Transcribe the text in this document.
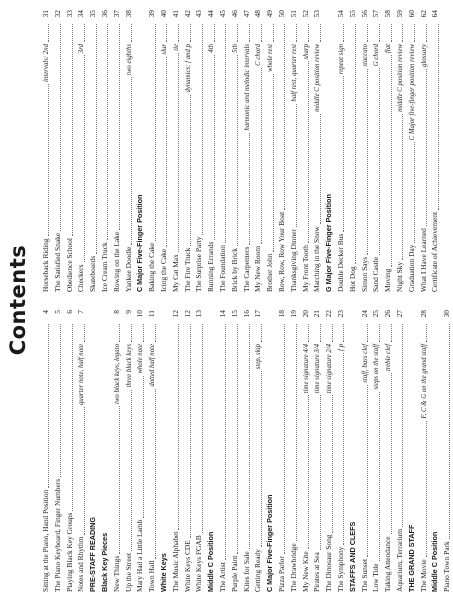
Contents
Sitting at the Piano, Hand Position
4
The Piano Keyboard, Finger Numbers
5
Playing Black Key Groups
6
Notes and Rhythm
quarter note, half note
7
PRE-STAFF READING Black Key Pieces New Things
two black keys, legato
8
Up the Street
three black keys
9
Mary Had a Little Lamb
whole note
10
Town Hall
dotted half note
11
White Keys The Music Alphabet
12
White Keys CDE
12
White Keys FGAB
13
Middle C Position The Artist
14
Purple Paint
15
Kites for Sale
16
Getting Ready
step, skip
17
C Major Five-Finger Position Pizza Parlor
18
The Drawbridge
19
My New Kite
time signature 4/4
20
Pirates at Sea
time signature 3/4
21
The Dinosaur Song
time signature 2/4
22
The Symphony
f p
23
STAFFS AND CLEFS The Sunset
staff, bass clef
24
Low Tide
steps on the staff
25
Taking Attendance
treble clef
26
Aquarium, Terrarium
27
THE GRAND STAFF The Movie
F, C & G on the grand staff
28
Middle C Position Piano Town Park
30
Horseback Riding
intervals: 2nd
31
The Satisfied Snake
32
Obedience School
33
Checkers
3rd
34
Skateboards
35
Ice Cream Truck
36
Rowing on the Lake
37
Yankee Doodle
two eighths
38
C Major Five-Finger Position Baking the Cake
39
Icing the Cake
slur
40
My Cat Max
tie
41
The Fire Truck
dynamics: f and p
42
The Surprise Party
43
Running Errands
4th
44
The Foundation
45
Brick by Brick
5th
46
The Carpenters
harmonic and melodic intervals
47
My New Room
C chord
48
Brother John
whole rest
49
Row, Row, Row Your Boat
50
Thanksgiving Dinner
half rest, quarter rest
51
My Front Tooth
sharp
52
Marching in the Snow
middle C position review
53
G Major Five-Finger Position Double Decker Bus
repeat sign
54
Hot Dog
55
Simon Says
staccato
56
Sand Castle
G chord
57
Moving
flat
58
Night Sky
middle C position review
59
Graduation Day
C Major five-finger position review
60
What I Have Learned
glossary
62
Certificate of Achievement
64
